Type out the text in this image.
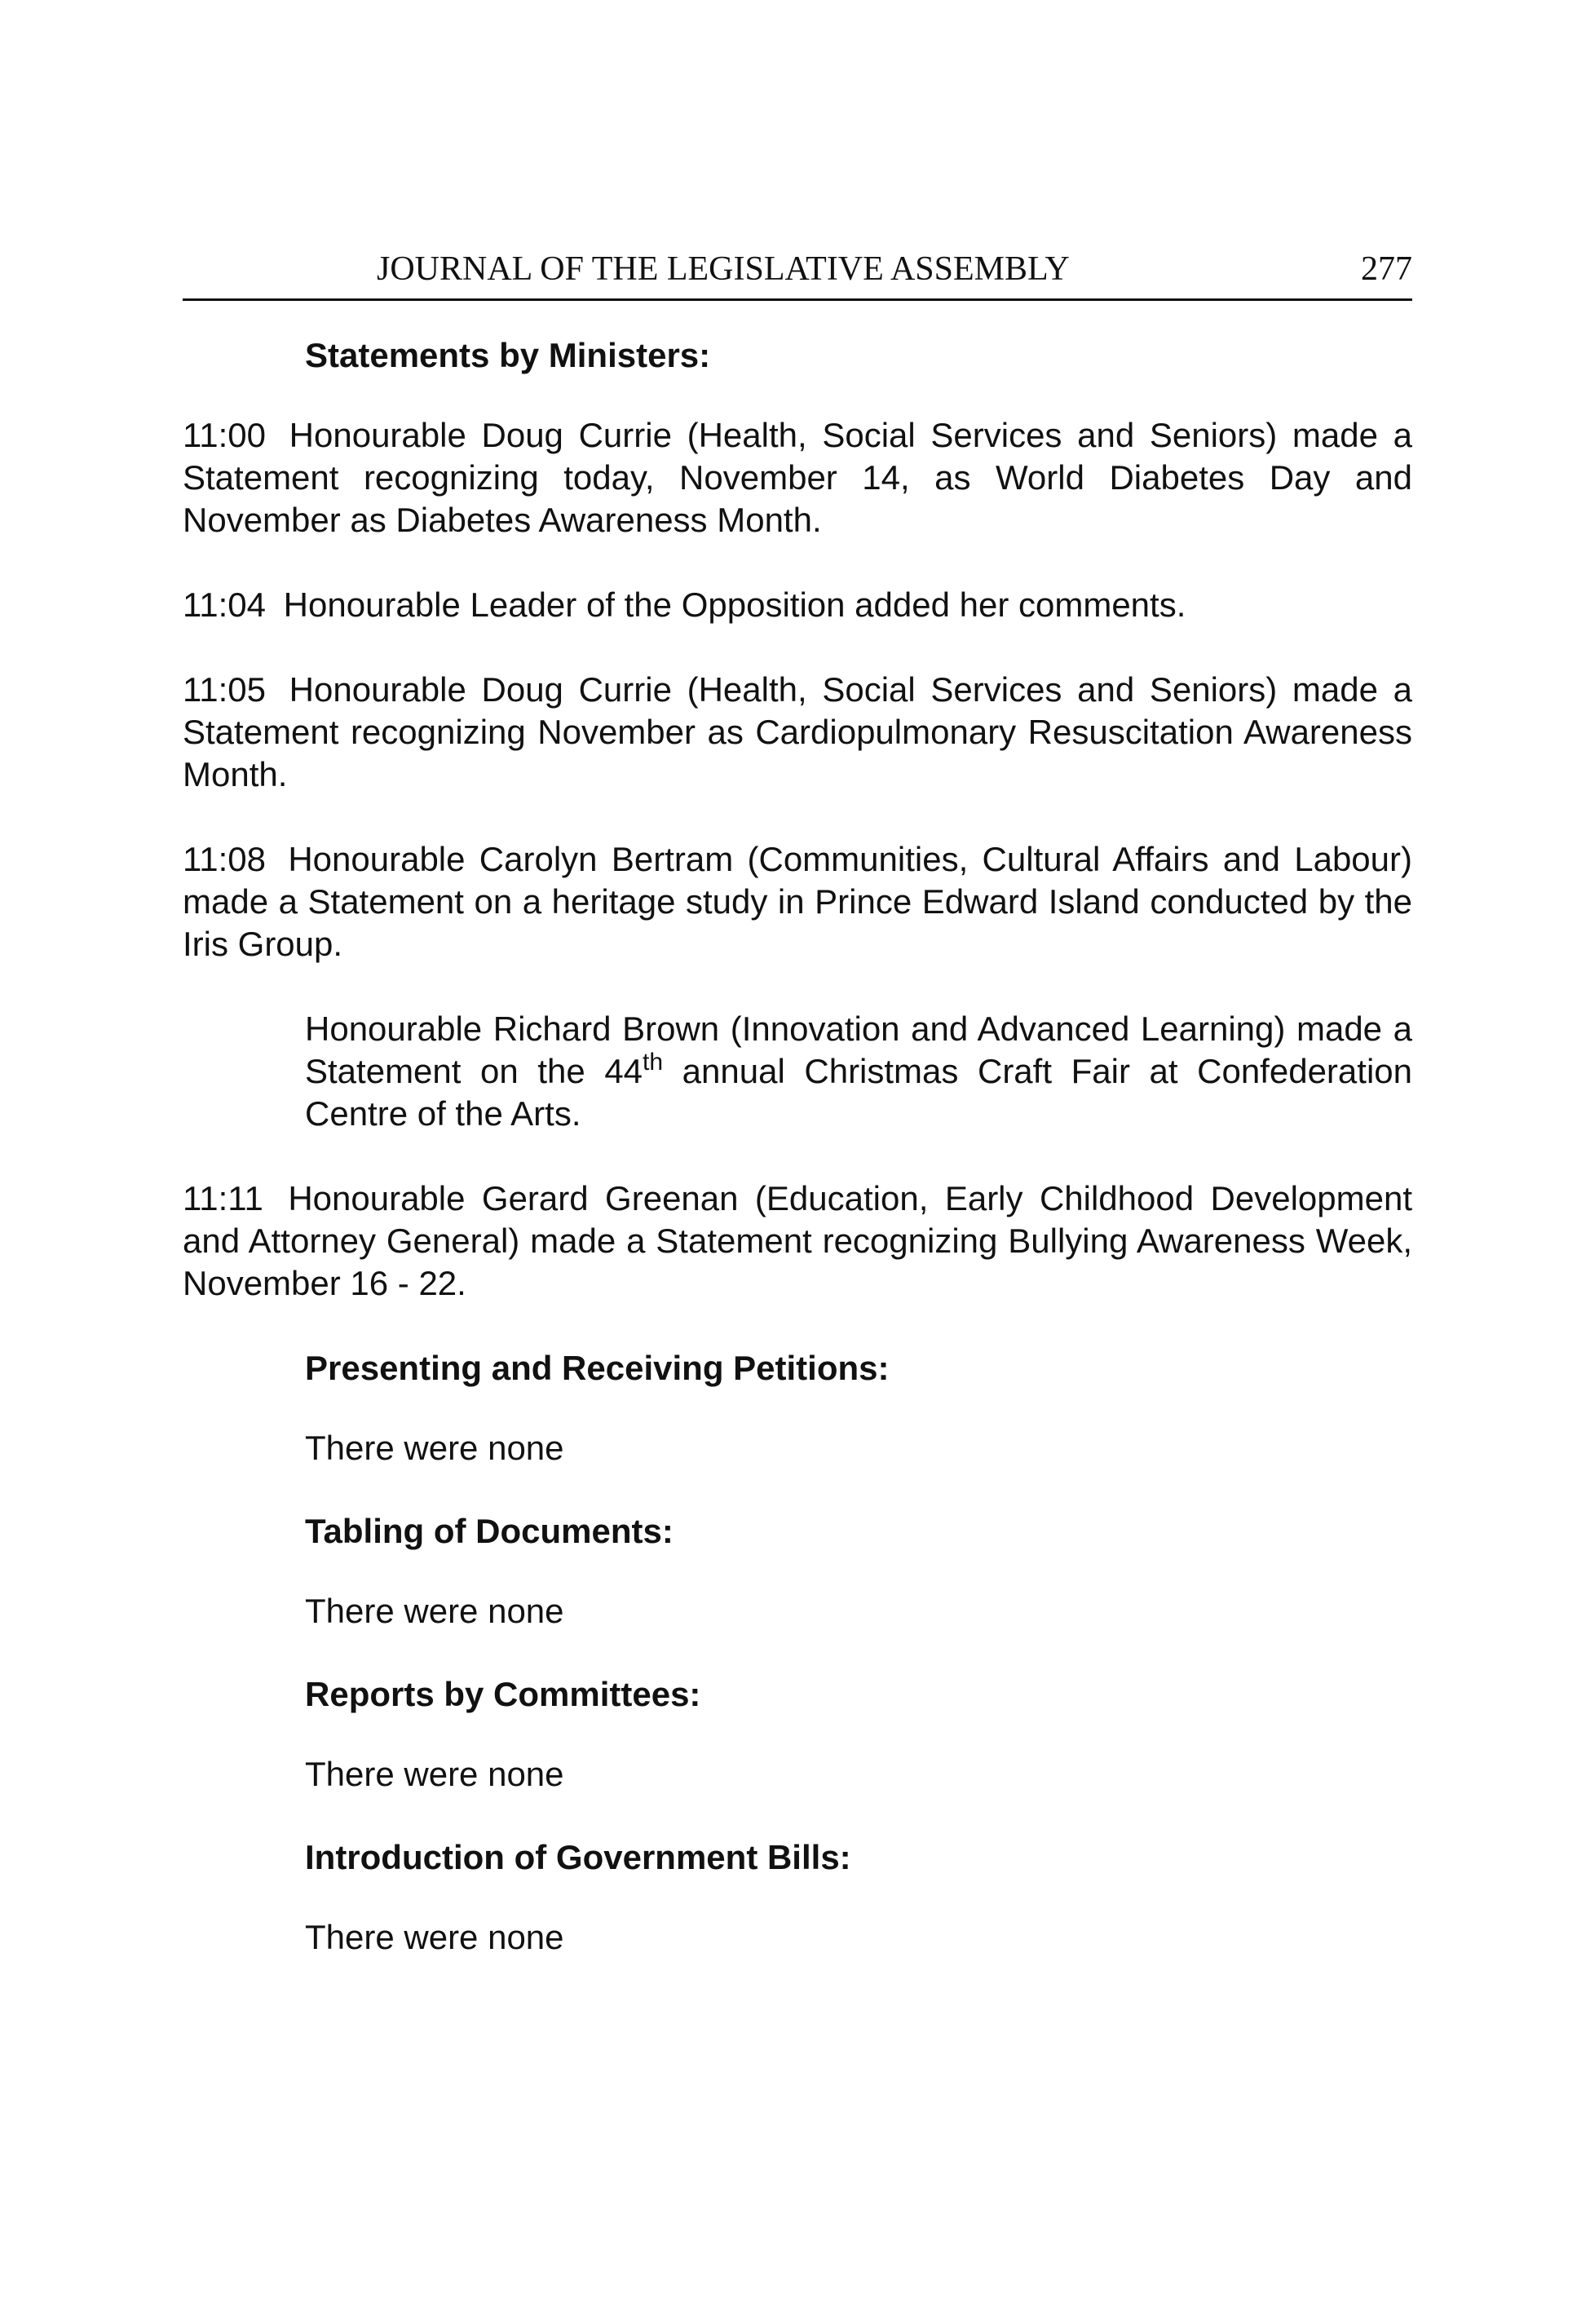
JOURNAL OF THE LEGISLATIVE ASSEMBLY	277
Statements by Ministers:

11:00 Honourable Doug Currie (Health, Social Services and Seniors) made a Statement recognizing today, November 14, as World Diabetes Day and November as Diabetes Awareness Month.

11:04 Honourable Leader of the Opposition added her comments.

11:05 Honourable Doug Currie (Health, Social Services and Seniors) made a Statement recognizing November as Cardiopulmonary Resuscitation Awareness Month.

11:08 Honourable Carolyn Bertram (Communities, Cultural Affairs and Labour) made a Statement on a heritage study in Prince Edward Island conducted by the Iris Group.

Honourable Richard Brown (Innovation and Advanced Learning) made a Statement on the 44th annual Christmas Craft Fair at Confederation Centre of the Arts.

11:11 Honourable Gerard Greenan (Education, Early Childhood Development and Attorney General) made a Statement recognizing Bullying Awareness Week, November 16 - 22.

Presenting and Receiving Petitions:
There were none
Tabling of Documents:
There were none
Reports by Committees:
There were none
Introduction of Government Bills:
There were none
